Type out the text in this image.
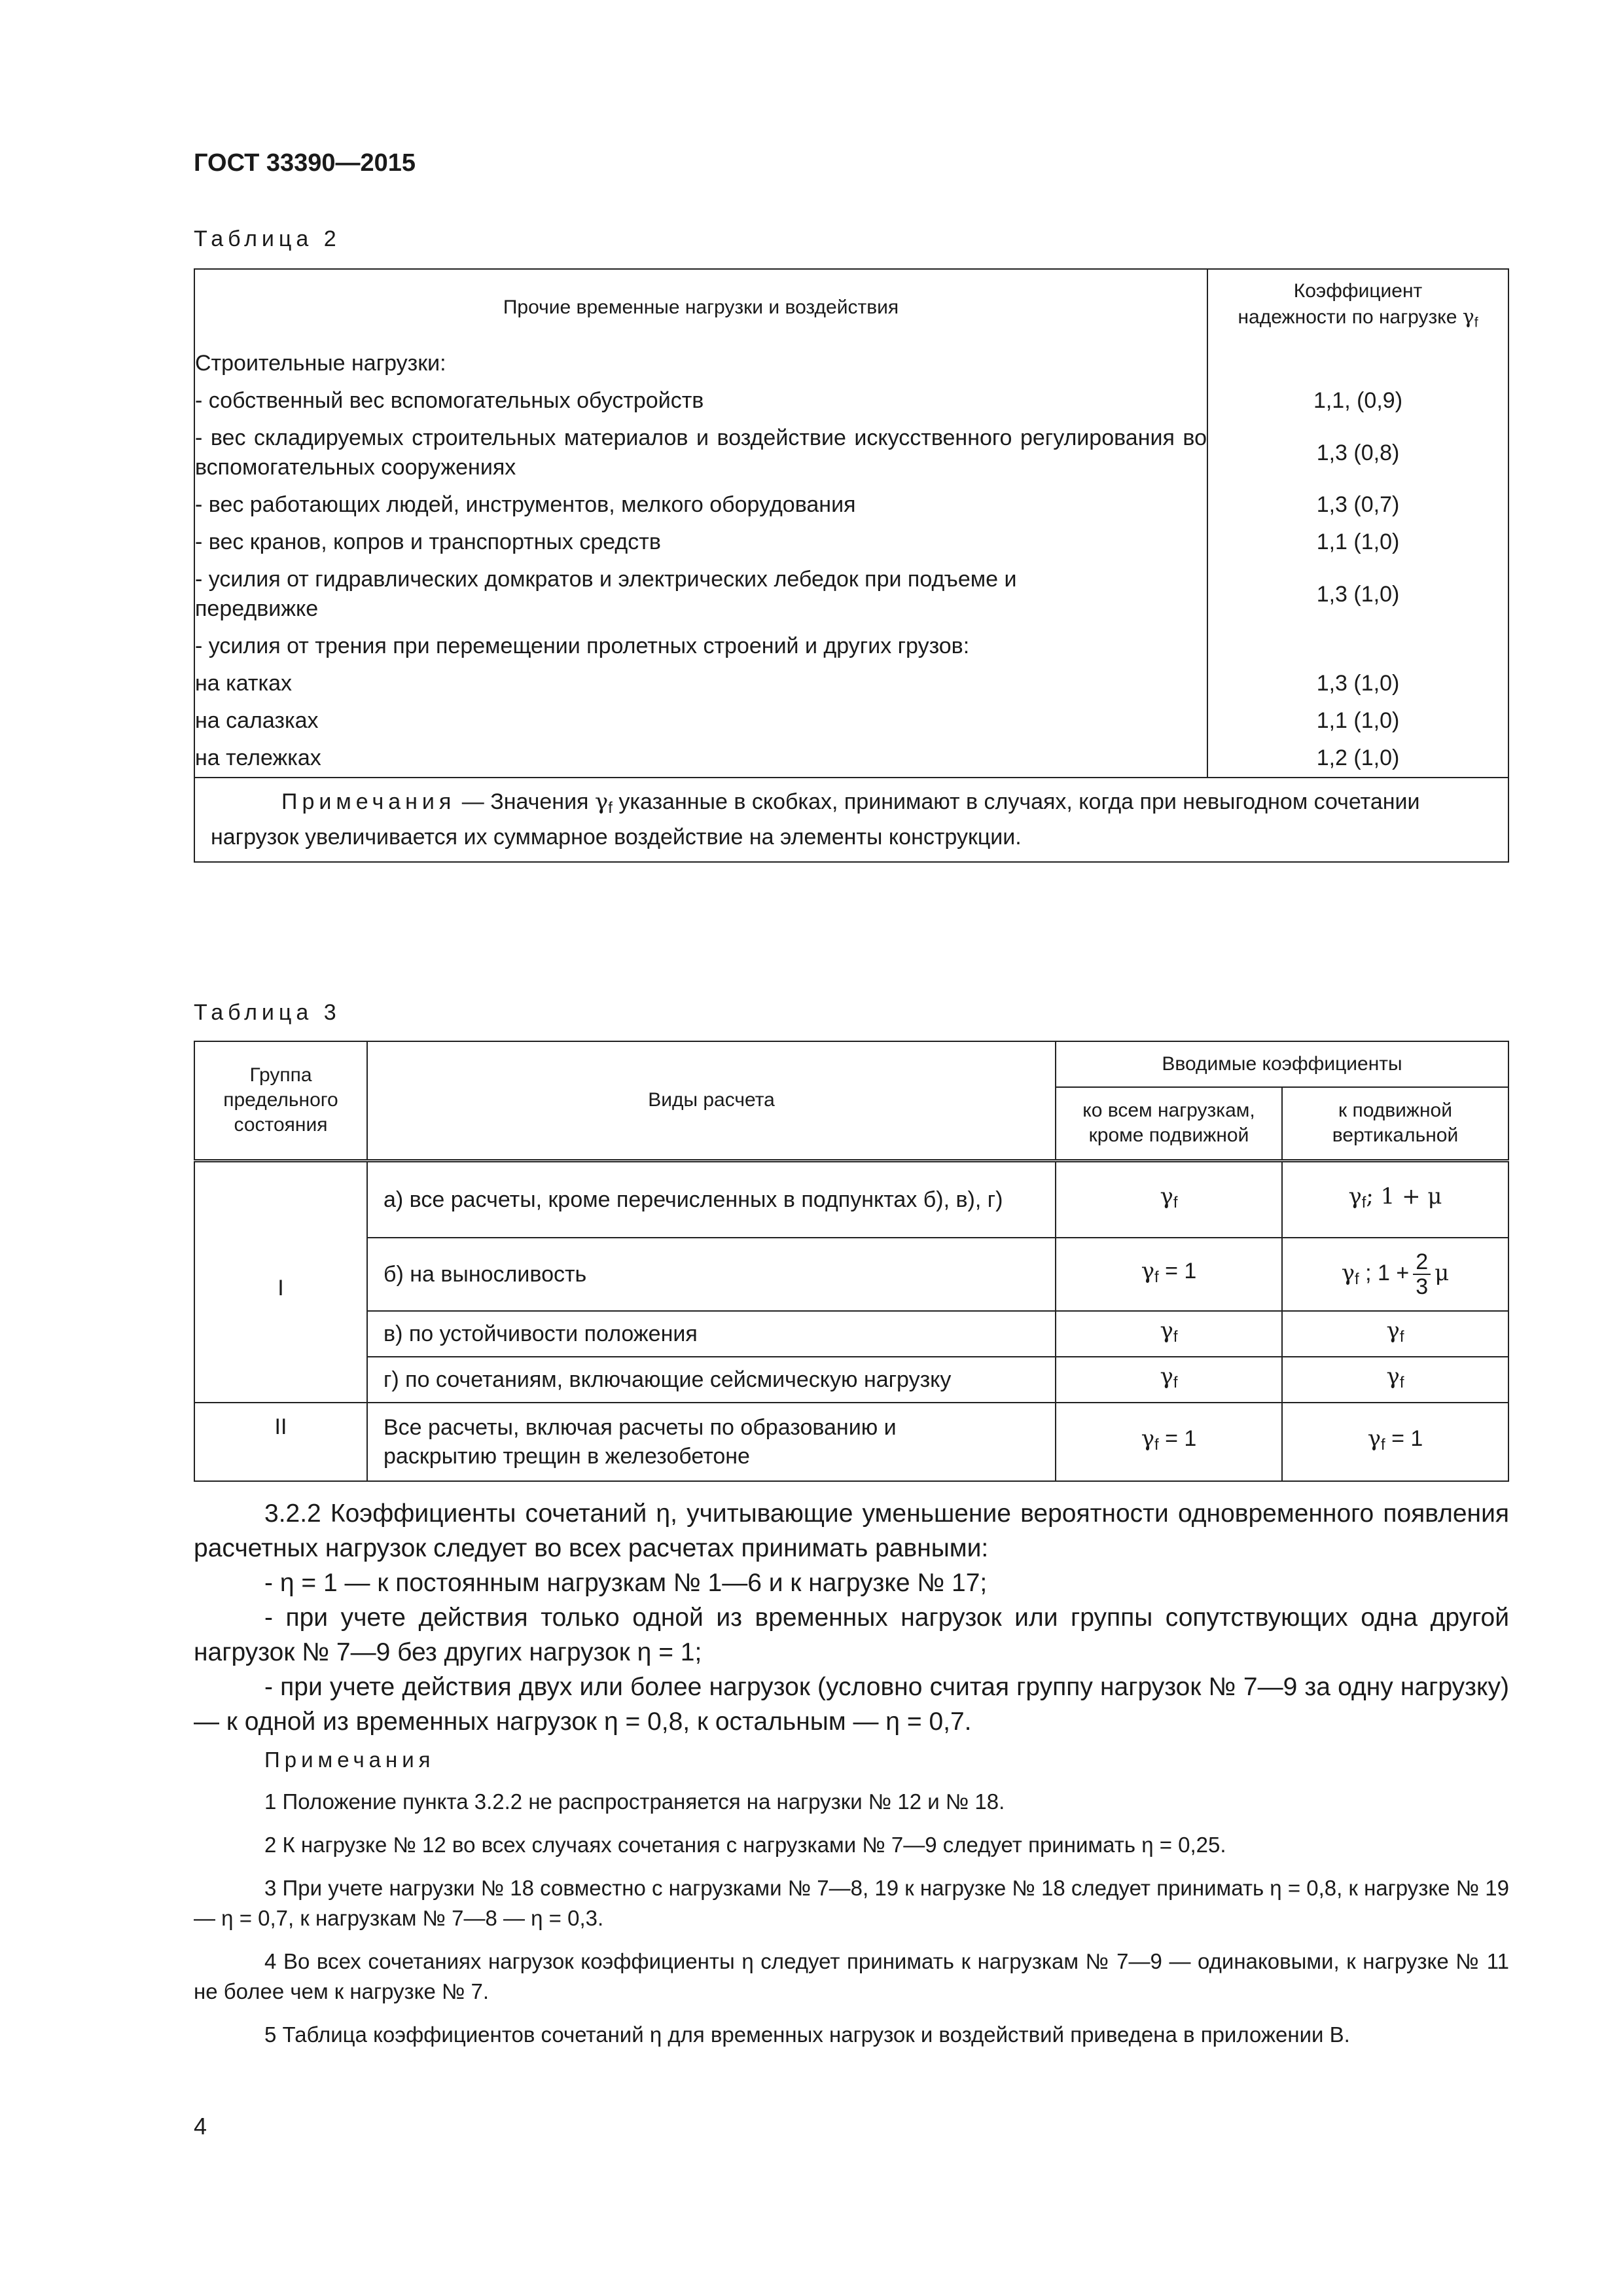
ГОСТ 33390—2015
Таблица 2
Прочие временные нагрузки и воздействия	Коэффициент
надежности по нагрузке $\gamma_f$
Строительные нагрузки:	
- собственный вес вспомогательных обустройств	1,1, (0,9)
- вес складируемых строительных материалов и воздействие искусственного регулирования во вспомогательных сооружениях	1,3 (0,8)
- вес работающих людей, инструментов, мелкого оборудования	1,3 (0,7)
- вес кранов, копров и транспортных средств	1,1 (1,0)
- усилия от гидравлических домкратов и электрических лебедок при подъеме и передвижке	1,3 (1,0)
- усилия от трения при перемещении пролетных строений и других грузов:	
на катках	1,3 (1,0)
на салазках	1,1 (1,0)
на тележках	1,2 (1,0)
Примечания — Значения $\gamma_f$ указанные в скобках, принимают в случаях, когда при невыгодном сочетании нагрузок увеличивается их суммарное воздействие на элементы конструкции.	
Таблица 3
Группа предельного состояния	Виды расчета	Вводимые коэффициенты	
		ко всем нагрузкам, кроме подвижной	к подвижной вертикальной
I	а) все расчеты, кроме перечисленных в подпунктах б), в), г)	$\gamma_f$	$\gamma_f$; 1 + μ
	б) на выносливость	$\gamma_f = 1$	$\gamma_f$ ; $1 + \frac{2}{3}$ μ
	в) по устойчивости положения	$\gamma_f$	$\gamma_f$
	г) по сочетаниям, включающие сейсмическую нагрузку	$\gamma_f$	$\gamma_f$
II	Все расчеты, включая расчеты по образованию и раскрытию трещин в железобетоне	$\gamma_f = 1$	$\gamma_f = 1$
3.2.2 Коэффициенты сочетаний η, учитывающие уменьшение вероятности одновременного появления расчетных нагрузок следует во всех расчетах принимать равными:
- η = 1 — к постоянным нагрузкам № 1—6 и к нагрузке № 17;
- при учете действия только одной из временных нагрузок или группы сопутствующих одна другой нагрузок № 7—9 без других нагрузок η = 1;
- при учете действия двух или более нагрузок (условно считая группу нагрузок № 7—9 за одну нагрузку) — к одной из временных нагрузок η = 0,8, к остальным — η = 0,7.

Примечания

1 Положение пункта 3.2.2 не распространяется на нагрузки № 12 и № 18.

2 К нагрузке № 12 во всех случаях сочетания с нагрузками № 7—9 следует принимать η = 0,25.

3 При учете нагрузки № 18 совместно с нагрузками № 7—8, 19 к нагрузке № 18 следует принимать η = 0,8, к нагрузке № 19 — η = 0,7, к нагрузкам № 7—8 — η = 0,3.

4 Во всех сочетаниях нагрузок коэффициенты η следует принимать к нагрузкам № 7—9 — одинаковыми, к нагрузке № 11 не более чем к нагрузке № 7.

5 Таблица коэффициентов сочетаний η для временных нагрузок и воздействий приведена в приложении В.

4
